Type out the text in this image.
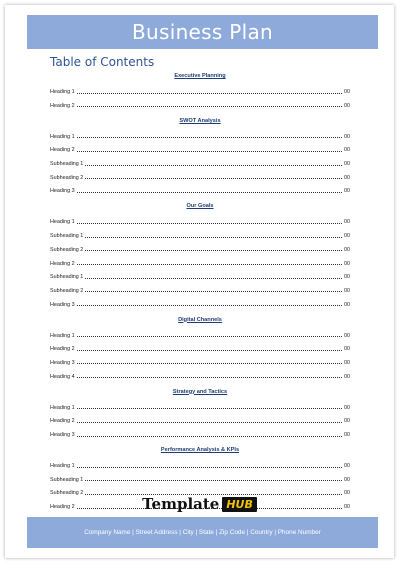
Business Plan
Table of Contents
Executive Planning
Heading 1	00
Heading 2	00
SWOT Analysis
Heading 1	00
Heading 2	00
Subheading 1	00
Subheading 2	00
Heading 3	00
Our Goals
Heading 1	00
Subheading 1	00
Subheading 2	00
Heading 2	00
Subheading 1	00
Subheading 2	00
Heading 3	00
Digital Channels
Heading 1	00
Heading 2	00
Heading 3	00
Heading 4	00
Strategy and Tactics
Heading 1	00
Heading 2	00
Heading 3	00
Performance Analysis & KPIs
Heading 1	00
Subheading 1	00
Subheading 2	00
Heading 2	00
Template HUB
Company Name | Street Address | City | State | Zip Code | Country | Phone Number
